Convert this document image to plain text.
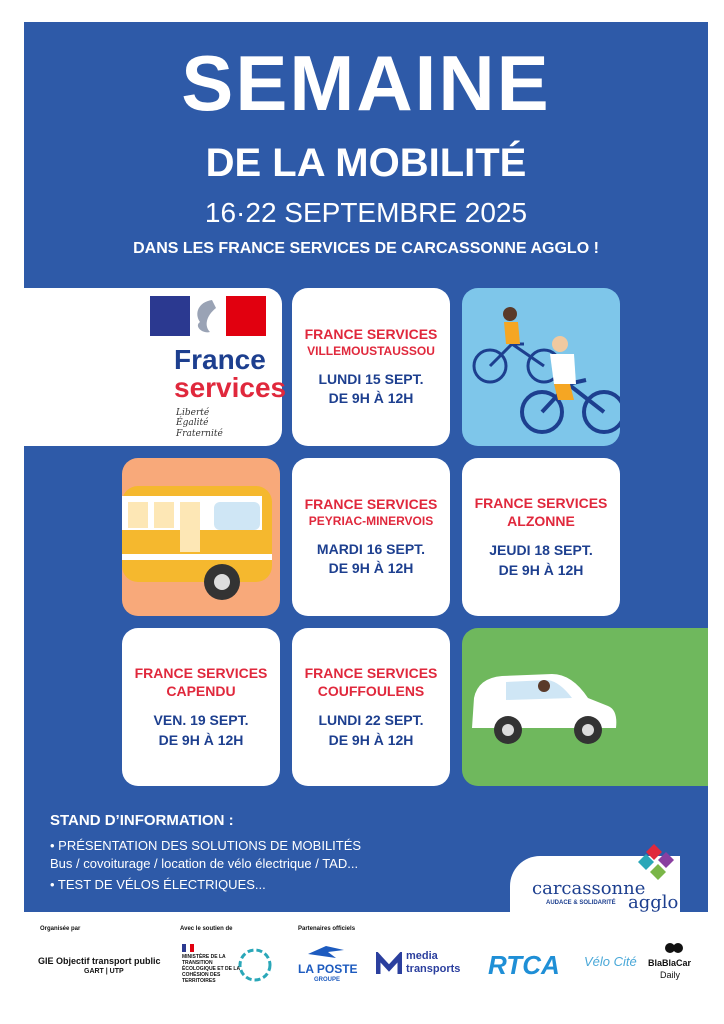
SEMAINE
DE LA MOBILITÉ
16·22 SEPTEMBRE 2025
DANS LES FRANCE SERVICES DE CARCASSONNE AGGLO !
France
services
Liberté
Égalité
Fraternité
FRANCE SERVICES
VILLEMOUSTAUSSOU
LUNDI 15 SEPT.
DE 9H À 12H
FRANCE SERVICES
PEYRIAC-MINERVOIS
MARDI 16 SEPT.
DE 9H À 12H
FRANCE SERVICES
ALZONNE
JEUDI 18 SEPT.
DE 9H À 12H
FRANCE SERVICES
CAPENDU
VEN. 19 SEPT.
DE 9H À 12H
FRANCE SERVICES
COUFFOULENS
LUNDI 22 SEPT.
DE 9H À 12H
STAND D’INFORMATION :
• PRÉSENTATION DES SOLUTIONS DE MOBILITÉS
Bus / covoiturage / location de vélo électrique / TAD...
• TEST DE VÉLOS ÉLECTRIQUES...	carcassonne
agglo
AUDACE & SOLIDARITÉ
Organisée par	Avec le soutien de	Partenaires officiels
GIE Objectif transport public
GART | UTP
MINISTÈRE DE LA TRANSITION ÉCOLOGIQUE ET DE LA COHÉSION DES TERRITOIRES
LA POSTE
GROUPE
media
transports RTCA Vélo Cité BlaBlaCar
Daily
